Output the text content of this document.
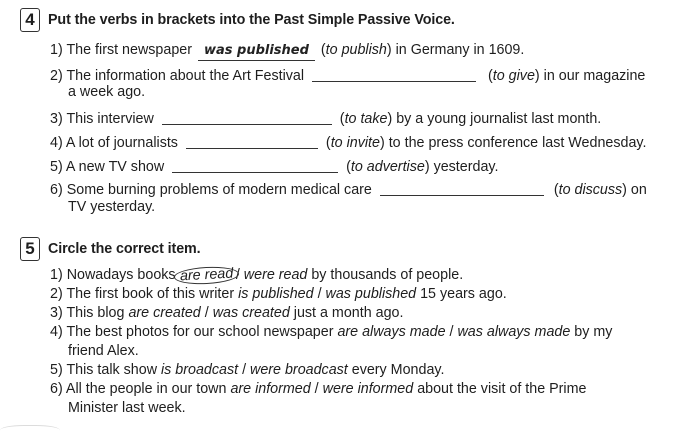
4 Put the verbs in brackets into the Past Simple Passive Voice.
1) The first newspaper was published (to publish) in Germany in 1609.
2) The information about the Art Festival	(to give) in our magazine
a week ago.
3) This interview	(to take) by a young journalist last month.
4) A lot of journalists	(to invite) to the press conference last Wednesday.
5) A new TV show	(to advertise) yesterday.
6) Some burning problems of modern medical care	(to discuss) on
TV yesterday.
5 Circle the correct item.
1) Nowadays books are read / were read by thousands of people.
2) The first book of this writer is published / was published 15 years ago.
3) This blog are created / was created just a month ago.
4) The best photos for our school newspaper are always made / was always made by my
friend Alex.
5) This talk show is broadcast / were broadcast every Monday.
6) All the people in our town are informed / were informed about the visit of the Prime
Minister last week.
